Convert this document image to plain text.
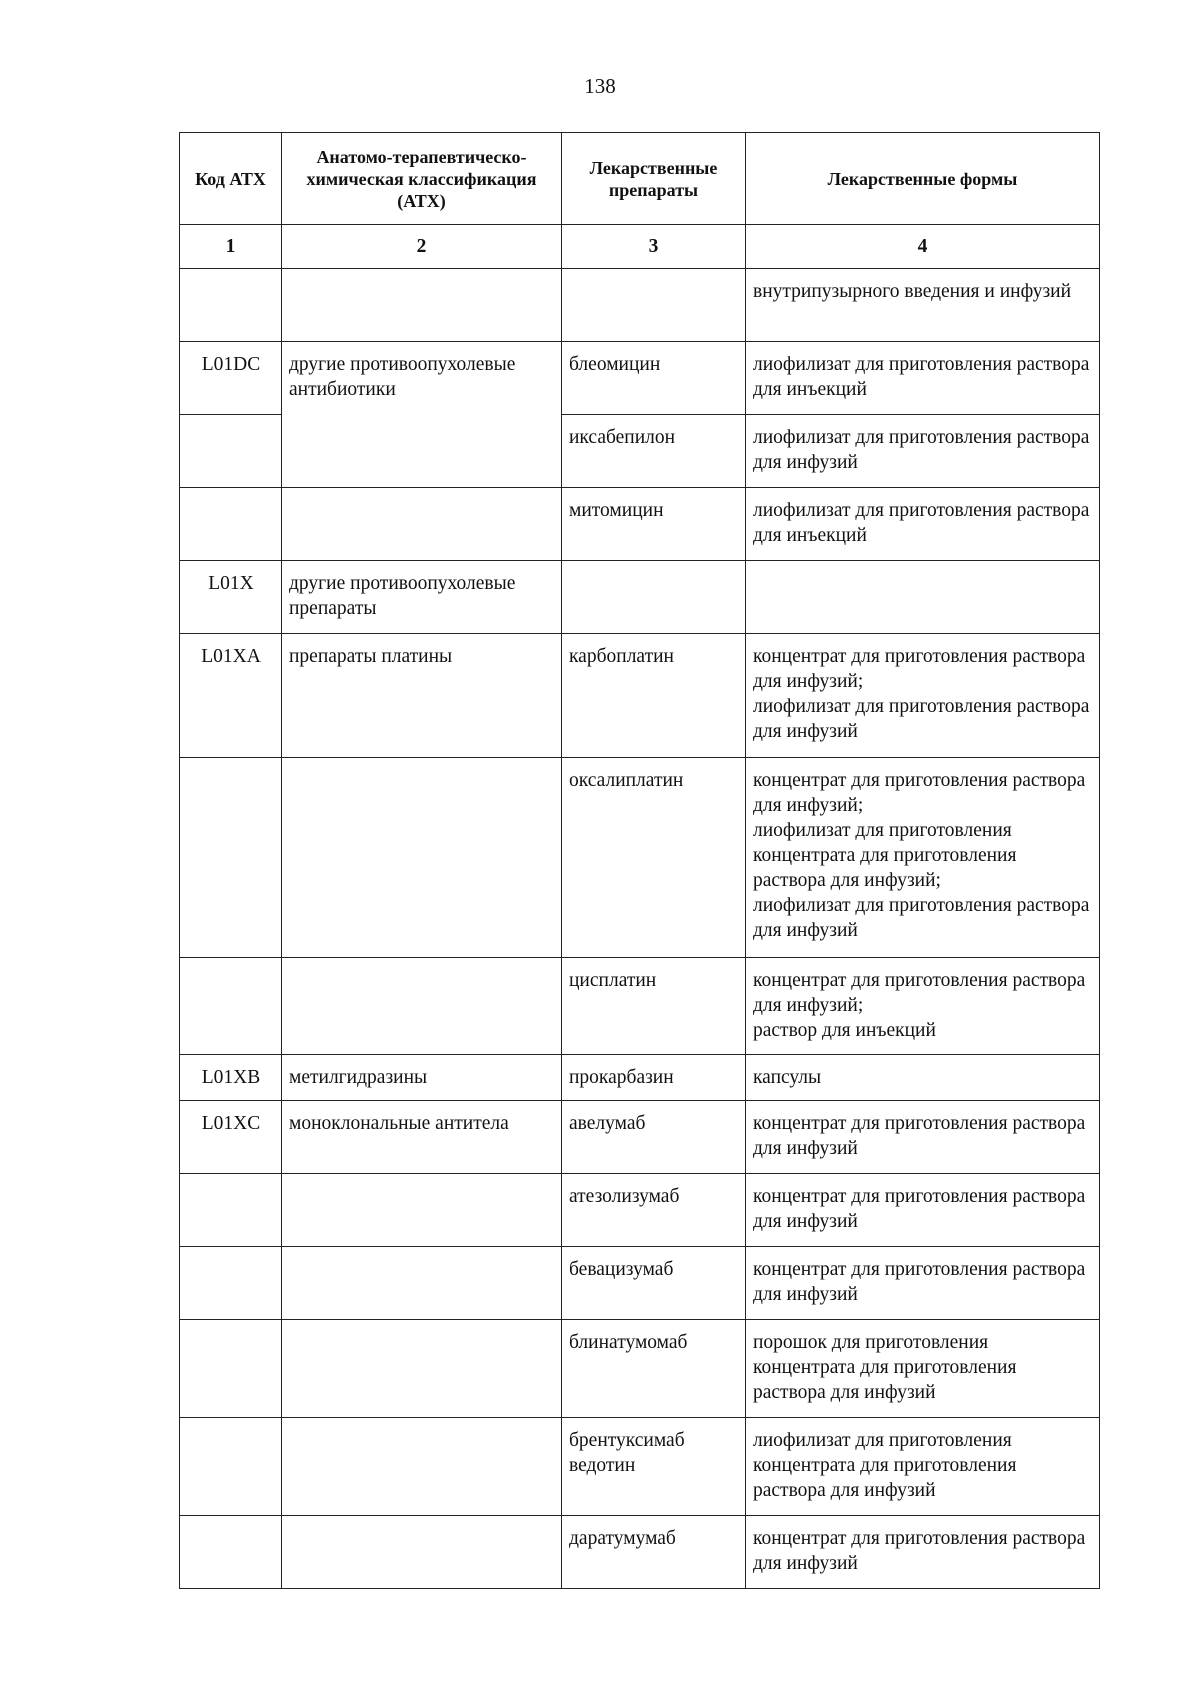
138
Код АТХ	Анатомо-терапевтическо-химическая классификация (АТХ)	Лекарственные препараты	Лекарственные формы
1	2	3	4

			внутрипузырного введения и инфузий

L01DC	другие противоопухолевые антибиотики	блеомицин	лиофилизат для приготовления раствора для инъекций

		иксабепилон	лиофилизат для приготовления раствора для инфузий

		митомицин	лиофилизат для приготовления раствора для инъекций

L01X	другие противоопухолевые препараты		

L01XA	препараты платины	карбоплатин	концентрат для приготовления раствора для инфузий;
лиофилизат для приготовления раствора для инфузий

		оксалиплатин	концентрат для приготовления раствора для инфузий;
лиофилизат для приготовления концентрата для приготовления раствора для инфузий;
лиофилизат для приготовления раствора для инфузий

		цисплатин	концентрат для приготовления раствора для инфузий;
раствор для инъекций

L01XB	метилгидразины	прокарбазин	капсулы

L01XC	моноклональные антитела	авелумаб	концентрат для приготовления раствора для инфузий

		атезолизумаб	концентрат для приготовления раствора для инфузий

		бевацизумаб	концентрат для приготовления раствора для инфузий

		блинатумомаб	порошок для приготовления концентрата для приготовления раствора для инфузий

		брентуксимаб ведотин	лиофилизат для приготовления концентрата для приготовления раствора для инфузий

		даратумумаб	концентрат для приготовления раствора для инфузий
